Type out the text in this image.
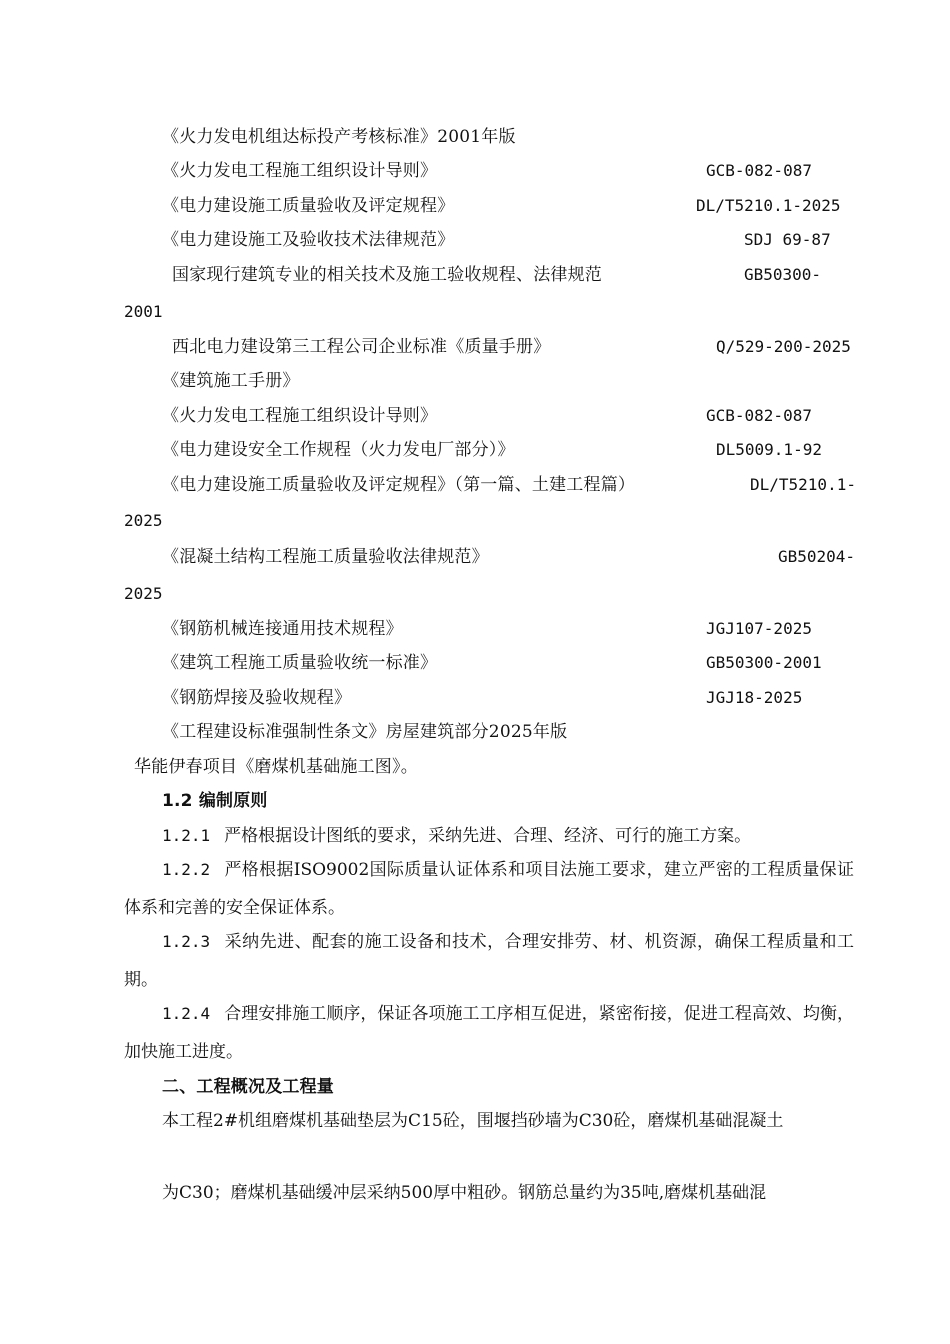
《火力发电机组达标投产考核标准》2001年版
《火力发电工程施工组织设计导则》	GCB-082-087
《电力建设施工质量验收及评定规程》	DL/T5210.1-2025
《电力建设施工及验收技术法律规范》	SDJ 69-87
国家现行建筑专业的相关技术及施工验收规程、法律规范	GB50300-
2001
西北电力建设第三工程公司企业标准《质量手册》	Q/529-200-2025
《建筑施工手册》
《火力发电工程施工组织设计导则》	GCB-082-087
《电力建设安全工作规程（火力发电厂部分）》	DL5009.1-92
《电力建设施工质量验收及评定规程》（第一篇、土建工程篇）	DL/T5210.1-
2025
《混凝土结构工程施工质量验收法律规范》	GB50204-
2025
《钢筋机械连接通用技术规程》	JGJ107-2025
《建筑工程施工质量验收统一标准》	GB50300-2001
《钢筋焊接及验收规程》	JGJ18-2025
《工程建设标准强制性条文》房屋建筑部分2025年版
华能伊春项目《磨煤机基础施工图》。
1.2 编制原则
1.2.1 严格根据设计图纸的要求，采纳先进、合理、经济、可行的施工方案。
1.2.2 严格根据ISO9002国际质量认证体系和项目法施工要求，建立严密的工程质量保证体系和完善的安全保证体系。
1.2.3 采纳先进、配套的施工设备和技术，合理安排劳、材、机资源，确保工程质量和工期。
1.2.4 合理安排施工顺序，保证各项施工工序相互促进，紧密衔接，促进工程高效、均衡，加快施工进度。
二、工程概况及工程量
本工程2#机组磨煤机基础垫层为C15砼，围堰挡砂墙为C30砼，磨煤机基础混凝土
为C30；磨煤机基础缓冲层采纳500厚中粗砂。钢筋总量约为35吨,磨煤机基础混
